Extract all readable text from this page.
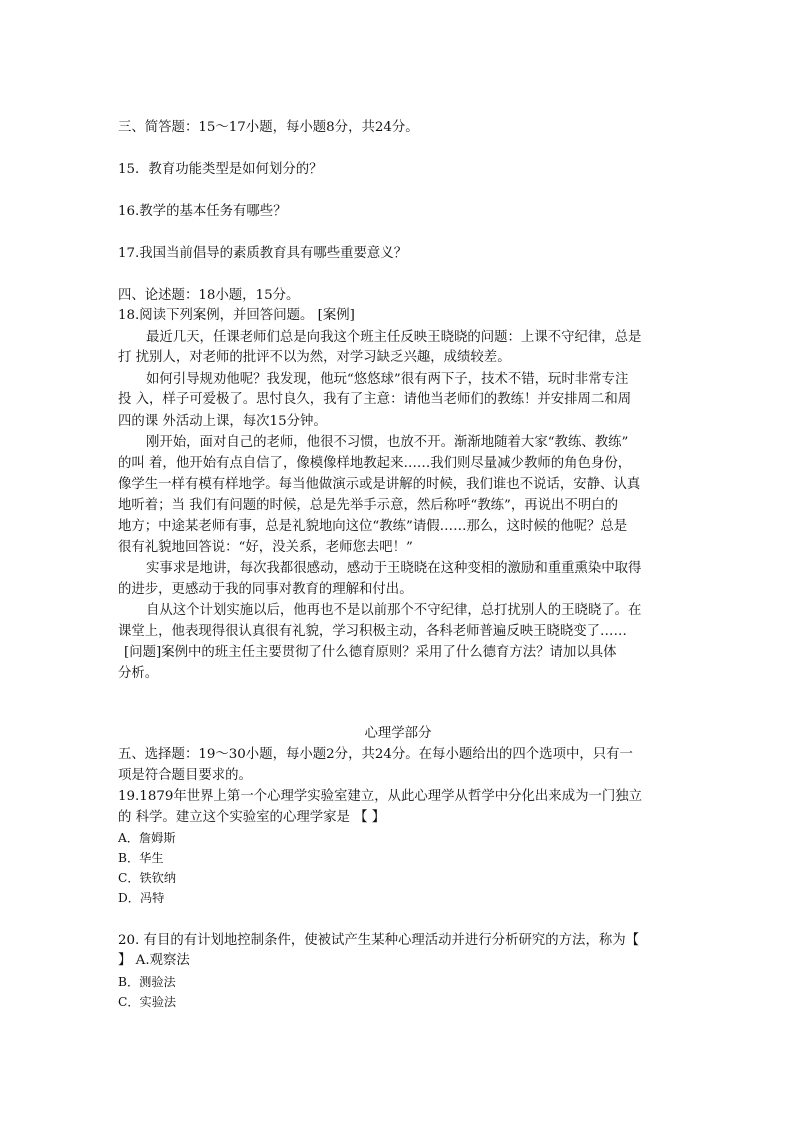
三、简答题：15～17小题，每小题8分，共24分。
15．教育功能类型是如何划分的？
16.教学的基本任务有哪些？
17.我国当前倡导的素质教育具有哪些重要意义？
四、论述题：18小题，15分。
18.阅读下列案例，并回答问题。 [案例]
最近几天，任课老师们总是向我这个班主任反映王晓晓的问题：上课不守纪律，总是
打 扰别人，对老师的批评不以为然，对学习缺乏兴趣，成绩较差。
如何引导规劝他呢？我发现，他玩“悠悠球”很有两下子，技术不错，玩时非常专注
投 入，样子可爱极了。思忖良久，我有了主意：请他当老师们的教练！并安排周二和周
四的课 外活动上课，每次15分钟。
刚开始，面对自己的老师，他很不习惯，也放不开。渐渐地随着大家“教练、教练”
的叫 着，他开始有点自信了，像模像样地教起来……我们则尽量减少教师的角色身份，
像学生一样有模有样地学。每当他做演示或是讲解的时候，我们谁也不说话，安静、认真
地听着；当 我们有问题的时候，总是先举手示意，然后称呼“教练”，再说出不明白的
地方；中途某老师有事，总是礼貌地向这位“教练”请假……那么，这时候的他呢？总是
很有礼貌地回答说：“好，没关系，老师您去吧！”
实事求是地讲，每次我都很感动，感动于王晓晓在这种变相的激励和重重熏染中取得
的进步，更感动于我的同事对教育的理解和付出。
自从这个计划实施以后，他再也不是以前那个不守纪律，总打扰别人的王晓晓了。在
课堂上，他表现得很认真很有礼貌，学习积极主动，各科老师普遍反映王晓晓变了……
[问题]案例中的班主任主要贯彻了什么德育原则？采用了什么德育方法？请加以具体
分析。
心理学部分
五、选择题：19～30小题，每小题2分，共24分。在每小题给出的四个选项中，只有一
项是符合题目要求的。
19.1879年世界上第一个心理学实验室建立，从此心理学从哲学中分化出来成为一门独立
的 科学。建立这个实验室的心理学家是 【 】
A．詹姆斯
B．华生
C．铁钦纳
D．冯特
20. 有目的有计划地控制条件，使被试产生某种心理活动并进行分析研究的方法，称为【
】 A.观察法
B．测验法
C．实验法
